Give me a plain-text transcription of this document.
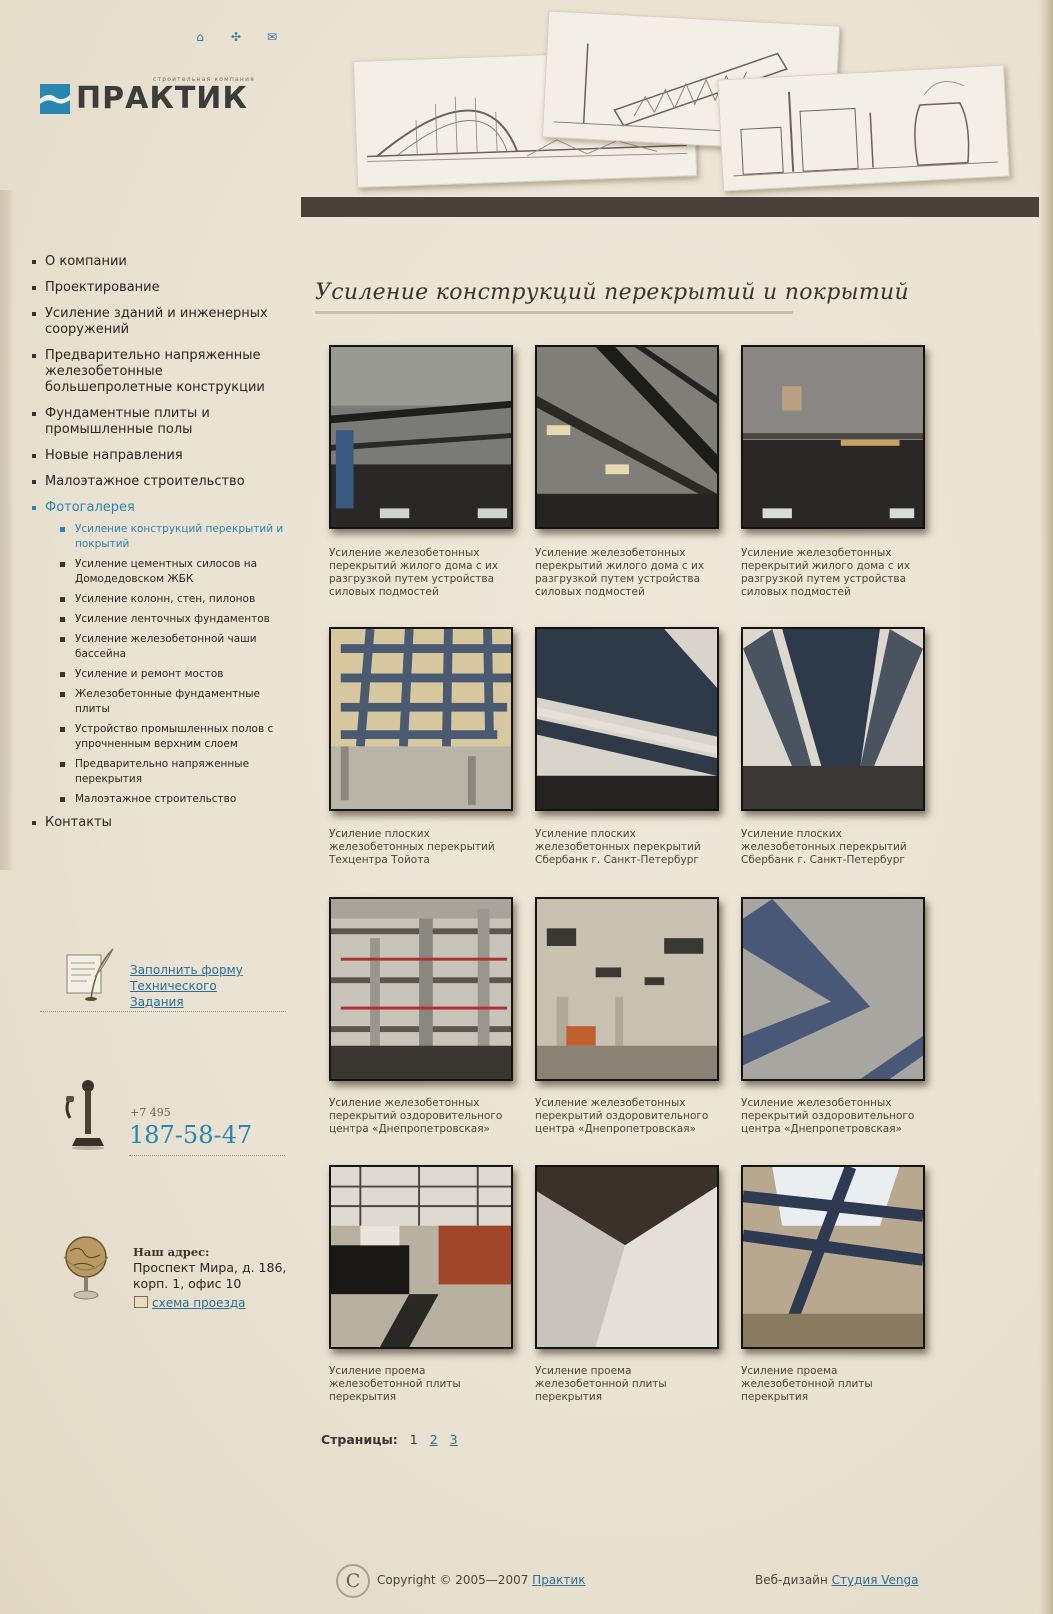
⌂ ✣ ✉
строительная компания
ПРАКТИК
О компании
Проектирование
Усиление зданий и инженерных сооружений
Предварительно напряженные железобетонные большепролетные конструкции
Фундаментные плиты и промышленные полы
Новые направления
Малоэтажное строительство
Фотогалерея
Усиление конструкций перекрытий и покрытий
Усиление цементных силосов на Домодедовском ЖБК
Усиление колонн, стен, пилонов
Усиление ленточных фундаментов
Усиление железобетонной чаши бассейна
Усиление и ремонт мостов
Железобетонные фундаментные плиты
Устройство промышленных полов с упрочненным верхним слоем
Предварительно напряженные перекрытия
Малоэтажное строительство
Контакты
Заполнить форму Технического Задания
+7 495
187-58-47
Наш адрес:
Проспект Мира, д. 186, корп. 1, офис 10
схема проезда
Усиление конструкций перекрытий и покрытий
Усиление железобетонных перекрытий жилого дома с их разгрузкой путем устройства силовых подмостей
Усиление железобетонных перекрытий жилого дома с их разгрузкой путем устройства силовых подмостей
Усиление железобетонных перекрытий жилого дома с их разгрузкой путем устройства силовых подмостей
Усиление плоских железобетонных перекрытий Техцентра Тойота
Усиление плоских железобетонных перекрытий Сбербанк г. Санкт-Петербург
Усиление плоских железобетонных перекрытий Сбербанк г. Санкт-Петербург
Усиление железобетонных перекрытий оздоровительного центра «Днепропетровская»
Усиление железобетонных перекрытий оздоровительного центра «Днепропетровская»
Усиление железобетонных перекрытий оздоровительного центра «Днепропетровская»
Усиление проема железобетонной плиты перекрытия
Усиление проема железобетонной плиты перекрытия
Усиление проема железобетонной плиты перекрытия
Страницы: 1 2 3
C	Copyright © 2005—2007 Практик	Веб-дизайн Студия Venga
